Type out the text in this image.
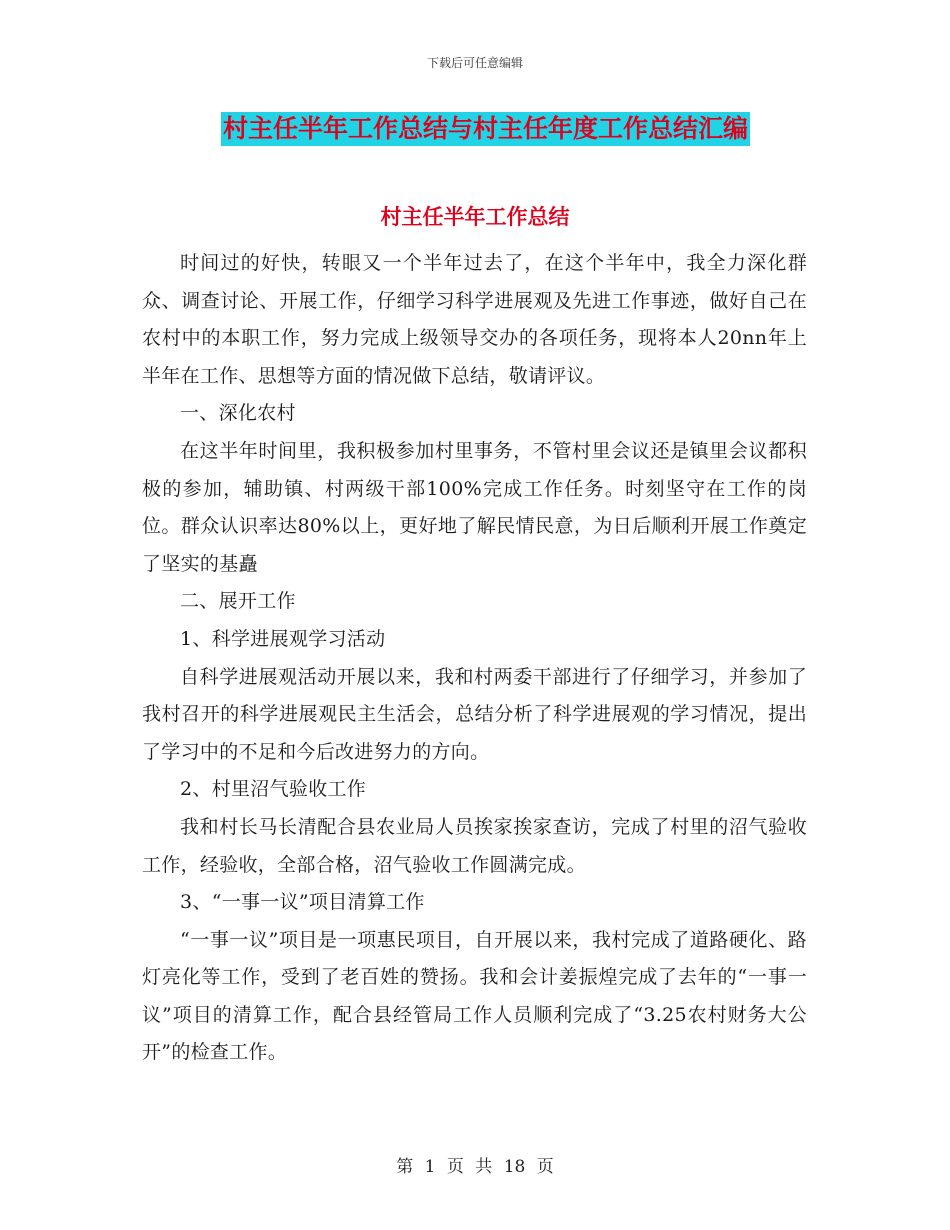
下载后可任意编辑
村主任半年工作总结与村主任年度工作总结汇编
村主任半年工作总结

时间过的好快，转眼又一个半年过去了，在这个半年中，我全力深化群众、调查讨论、开展工作，仔细学习科学进展观及先进工作事迹，做好自己在农村中的本职工作，努力完成上级领导交办的各项任务，现将本人20nn年上半年在工作、思想等方面的情况做下总结，敬请评议。

一、深化农村

在这半年时间里，我积极参加村里事务，不管村里会议还是镇里会议都积极的参加，辅助镇、村两级干部100%完成工作任务。时刻坚守在工作的岗位。群众认识率达80%以上，更好地了解民情民意，为日后顺利开展工作奠定了坚实的基矗

二、展开工作

1、科学进展观学习活动

自科学进展观活动开展以来，我和村两委干部进行了仔细学习，并参加了我村召开的科学进展观民主生活会，总结分析了科学进展观的学习情况，提出了学习中的不足和今后改进努力的方向。

2、村里沼气验收工作

我和村长马长清配合县农业局人员挨家挨家查访，完成了村里的沼气验收工作，经验收，全部合格，沼气验收工作圆满完成。

3、“一事一议”项目清算工作

“一事一议”项目是一项惠民项目，自开展以来，我村完成了道路硬化、路灯亮化等工作，受到了老百姓的赞扬。我和会计姜振煌完成了去年的“一事一议”项目的清算工作，配合县经管局工作人员顺利完成了“3.25农村财务大公开”的检查工作。

第 1 页 共 18 页
